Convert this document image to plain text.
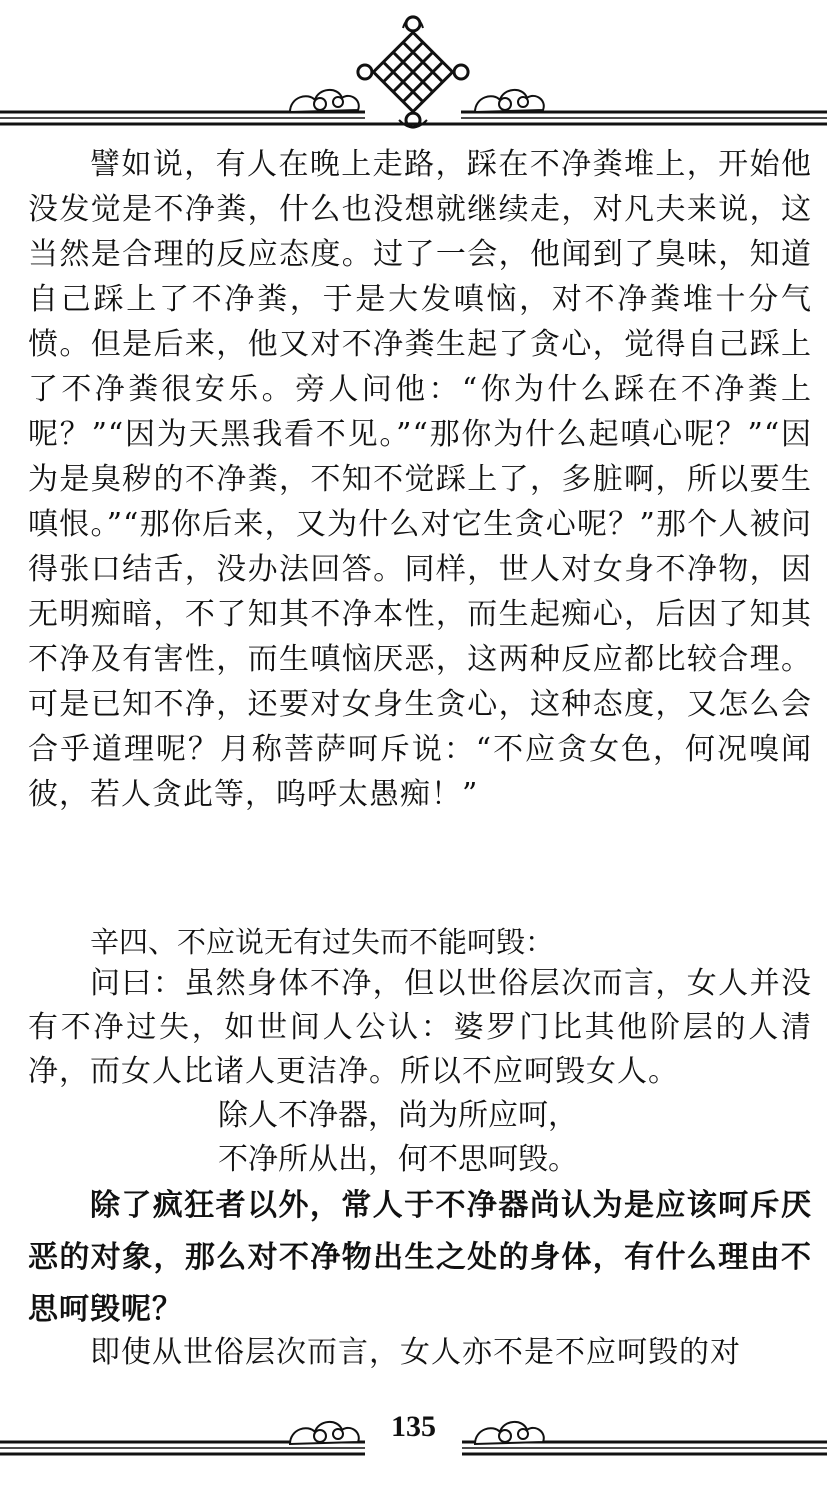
譬如说，有人在晚上走路，踩在不净粪堆上，开始他没发觉是不净粪，什么也没想就继续走，对凡夫来说，这当然是合理的反应态度。过了一会，他闻到了臭味，知道自己踩上了不净粪，于是大发嗔恼，对不净粪堆十分气愤。但是后来，他又对不净粪生起了贪心，觉得自己踩上了不净粪很安乐。旁人问他：“你为什么踩在不净粪上呢？”“因为天黑我看不见。”“那你为什么起嗔心呢？”“因为是臭秽的不净粪，不知不觉踩上了，多脏啊，所以要生嗔恨。”“那你后来，又为什么对它生贪心呢？”那个人被问得张口结舌，没办法回答。同样，世人对女身不净物，因无明痴暗，不了知其不净本性，而生起痴心，后因了知其不净及有害性，而生嗔恼厌恶，这两种反应都比较合理。可是已知不净，还要对女身生贪心，这种态度，又怎么会合乎道理呢？月称菩萨呵斥说：“不应贪女色，何况嗅闻彼，若人贪此等，呜呼太愚痴！”

辛四、不应说无有过失而不能呵毁：

问曰：虽然身体不净，但以世俗层次而言，女人并没有不净过失，如世间人公认：婆罗门比其他阶层的人清净，而女人比诸人更洁净。所以不应呵毁女人。

除人不净器，尚为所应呵，
不净所从出，何不思呵毁。

除了疯狂者以外，常人于不净器尚认为是应该呵斥厌恶的对象，那么对不净物出生之处的身体，有什么理由不思呵毁呢？

即使从世俗层次而言，女人亦不是不应呵毁的对

135
